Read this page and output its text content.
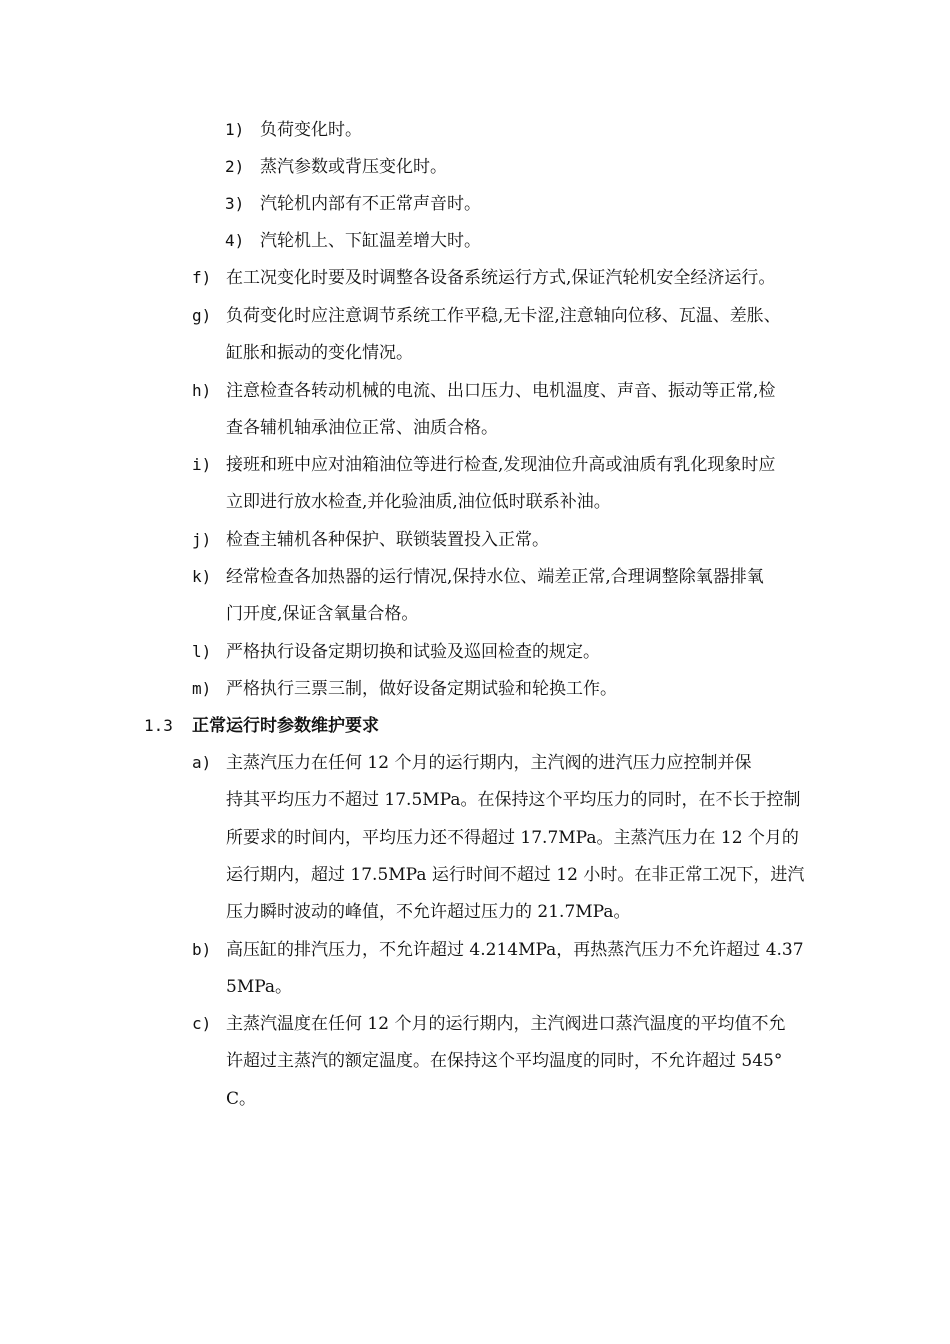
1) 负荷变化时。
2) 蒸汽参数或背压变化时。
3) 汽轮机内部有不正常声音时。
4) 汽轮机上、下缸温差增大时。
f) 在工况变化时要及时调整各设备系统运行方式,保证汽轮机安全经济运行。
g) 负荷变化时应注意调节系统工作平稳,无卡涩,注意轴向位移、瓦温、差胀、
缸胀和振动的变化情况。
h) 注意检查各转动机械的电流、出口压力、电机温度、声音、振动等正常,检
查各辅机轴承油位正常、油质合格。
i) 接班和班中应对油箱油位等进行检查,发现油位升高或油质有乳化现象时应
立即进行放水检查,并化验油质,油位低时联系补油。
j) 检查主辅机各种保护、联锁装置投入正常。
k) 经常检查各加热器的运行情况,保持水位、端差正常,合理调整除氧器排氧
门开度,保证含氧量合格。
l) 严格执行设备定期切换和试验及巡回检查的规定。
m) 严格执行三票三制，做好设备定期试验和轮换工作。
1.3 正常运行时参数维护要求
a) 主蒸汽压力在任何 12 个月的运行期内，主汽阀的进汽压力应控制并保
持其平均压力不超过 17.5MPa。在保持这个平均压力的同时，在不长于控制
所要求的时间内，平均压力还不得超过 17.7MPa。主蒸汽压力在 12 个月的
运行期内，超过 17.5MPa 运行时间不超过 12 小时。在非正常工况下，进汽
压力瞬时波动的峰值，不允许超过压力的 21.7MPa。
b) 高压缸的排汽压力，不允许超过 4.214MPa，再热蒸汽压力不允许超过 4.37
5MPa。
c) 主蒸汽温度在任何 12 个月的运行期内，主汽阀进口蒸汽温度的平均值不允
许超过主蒸汽的额定温度。在保持这个平均温度的同时，不允许超过 545°
C。
